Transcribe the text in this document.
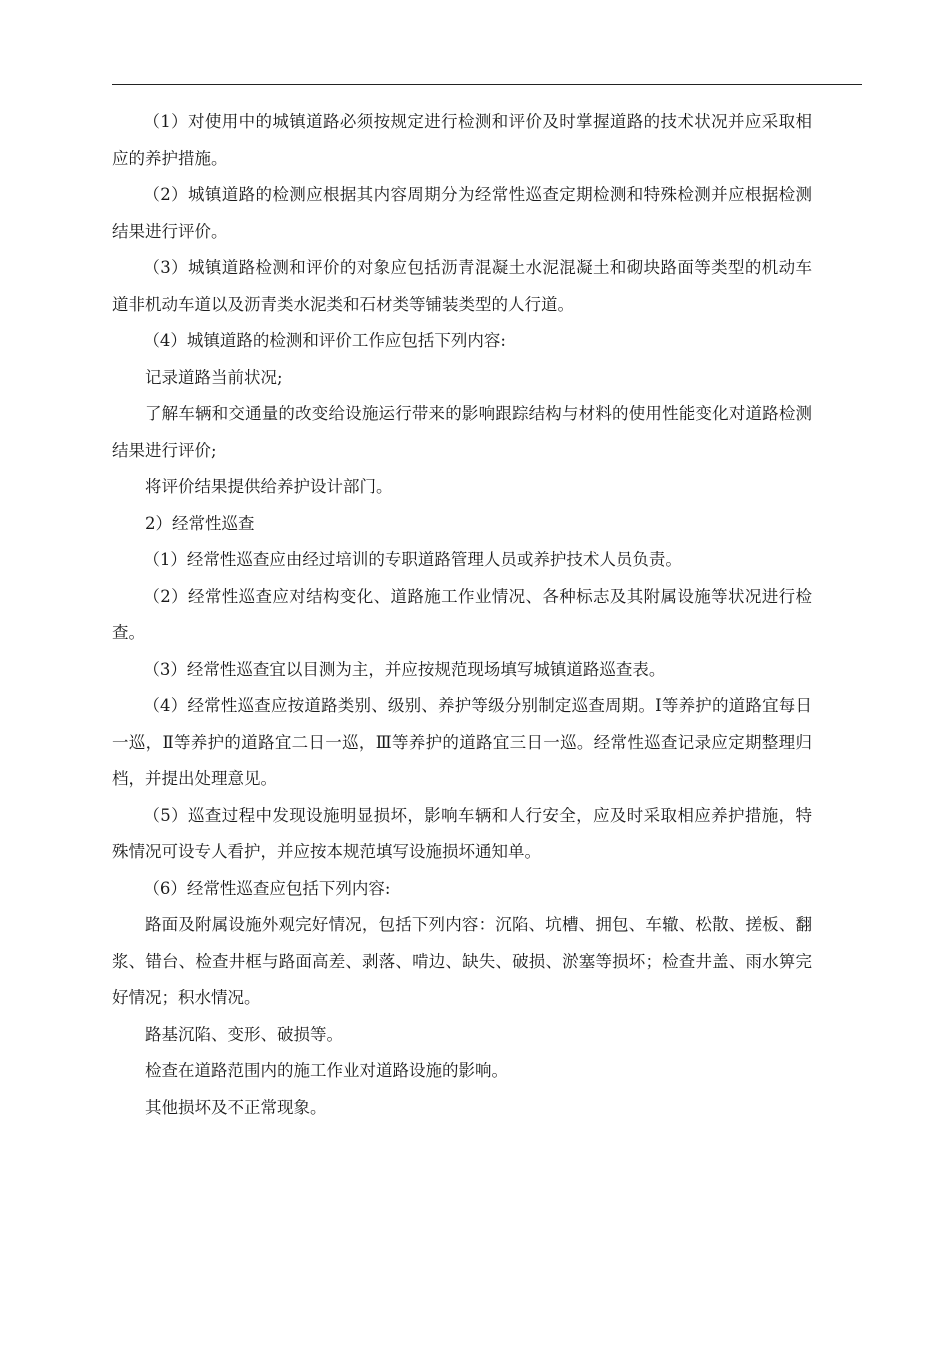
（1）对使用中的城镇道路必须按规定进行检测和评价及时掌握道路的技术状况并应采取相应的养护措施。

（2）城镇道路的检测应根据其内容周期分为经常性巡查定期检测和特殊检测并应根据检测结果进行评价。

（3）城镇道路检测和评价的对象应包括沥青混凝土水泥混凝土和砌块路面等类型的机动车道非机动车道以及沥青类水泥类和石材类等铺装类型的人行道。

（4）城镇道路的检测和评价工作应包括下列内容:

记录道路当前状况;

了解车辆和交通量的改变给设施运行带来的影响跟踪结构与材料的使用性能变化对道路检测结果进行评价;

将评价结果提供给养护设计部门。

2）经常性巡查

（1）经常性巡查应由经过培训的专职道路管理人员或养护技术人员负责。

（2）经常性巡查应对结构变化、道路施工作业情况、各种标志及其附属设施等状况进行检查。

（3）经常性巡查宜以目测为主，并应按规范现场填写城镇道路巡查表。

（4）经常性巡查应按道路类别、级别、养护等级分别制定巡查周期。Ⅰ等养护的道路宜每日一巡，Ⅱ等养护的道路宜二日一巡，Ⅲ等养护的道路宜三日一巡。经常性巡查记录应定期整理归档，并提出处理意见。

（5）巡查过程中发现设施明显损坏，影响车辆和人行安全，应及时采取相应养护措施，特殊情况可设专人看护，并应按本规范填写设施损坏通知单。

（6）经常性巡查应包括下列内容:

路面及附属设施外观完好情况，包括下列内容：沉陷、坑槽、拥包、车辙、松散、搓板、翻浆、错台、检查井框与路面高差、剥落、啃边、缺失、破损、淤塞等损坏；检查井盖、雨水箅完好情况；积水情况。

路基沉陷、变形、破损等。

检查在道路范围内的施工作业对道路设施的影响。

其他损坏及不正常现象。
